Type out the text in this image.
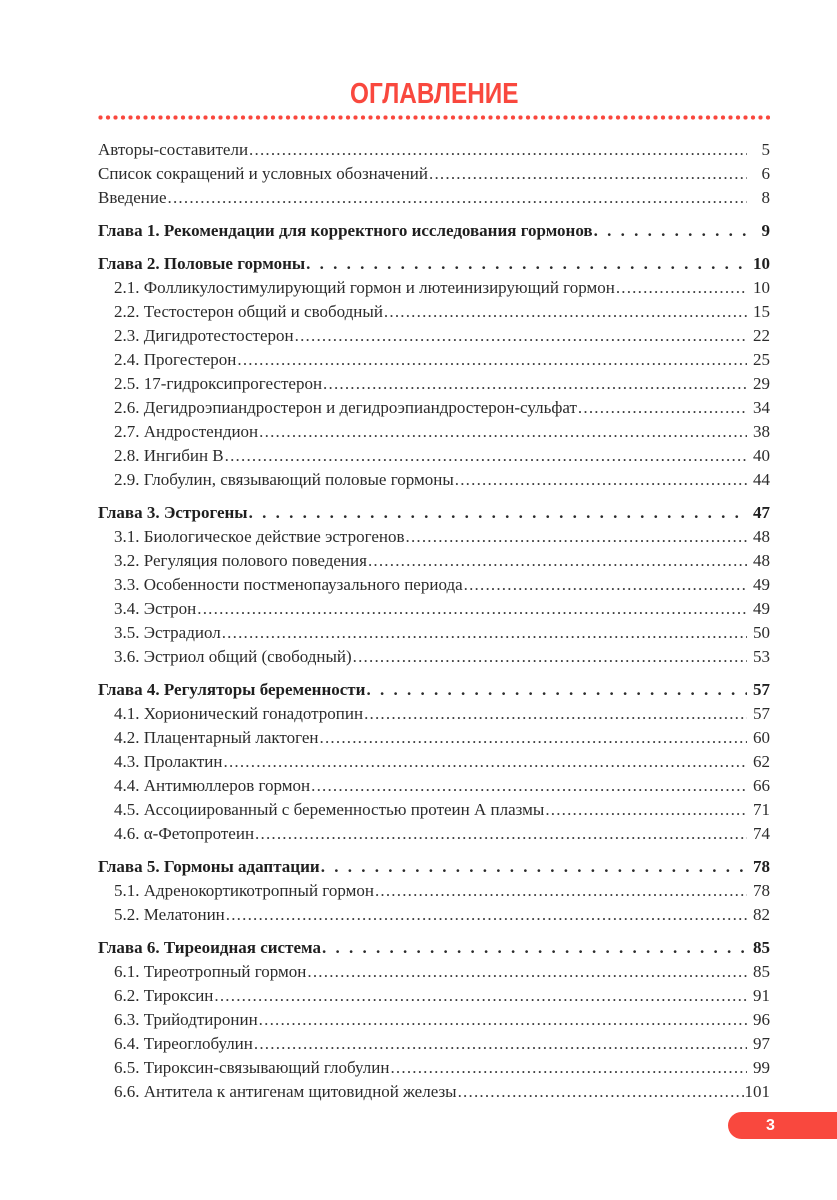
ОГЛАВЛЕНИЕ
Авторы-составители .....	5
Список сокращений и условных обозначений .....	6
Введение .....	8
Глава 1. Рекомендации для корректного исследования гормонов . . .	9
Глава 2. Половые гормоны . . .	10
2.1. Фолликулостимулирующий гормон и лютеинизирующий гормон .....	10
2.2. Тестостерон общий и свободный .....	15
2.3. Дигидротестостерон .....	22
2.4. Прогестерон .....	25
2.5. 17-гидроксипрогестерон .....	29
2.6. Дегидроэпиандростерон и дегидроэпиандростерон-сульфат .....	34
2.7. Андростендион .....	38
2.8. Ингибин В .....	40
2.9. Глобулин, связывающий половые гормоны .....	44
Глава 3. Эстрогены . . .	47
3.1. Биологическое действие эстрогенов .....	48
3.2. Регуляция полового поведения .....	48
3.3. Особенности постменопаузального периода .....	49
3.4. Эстрон .....	49
3.5. Эстрадиол .....	50
3.6. Эстриол общий (свободный) .....	53
Глава 4. Регуляторы беременности . . .	57
4.1. Хорионический гонадотропин .....	57
4.2. Плацентарный лактоген .....	60
4.3. Пролактин .....	62
4.4. Антимюллеров гормон .....	66
4.5. Ассоциированный с беременностью протеин А плазмы .....	71
4.6. α-Фетопротеин .....	74
Глава 5. Гормоны адаптации . . .	78
5.1. Адренокортикотропный гормон .....	78
5.2. Мелатонин .....	82
Глава 6. Тиреоидная система . . .	85
6.1. Тиреотропный гормон .....	85
6.2. Тироксин .....	91
6.3. Трийодтиронин .....	96
6.4. Тиреоглобулин .....	97
6.5. Тироксин-связывающий глобулин .....	99
6.6. Антитела к антигенам щитовидной железы .....	101
3
